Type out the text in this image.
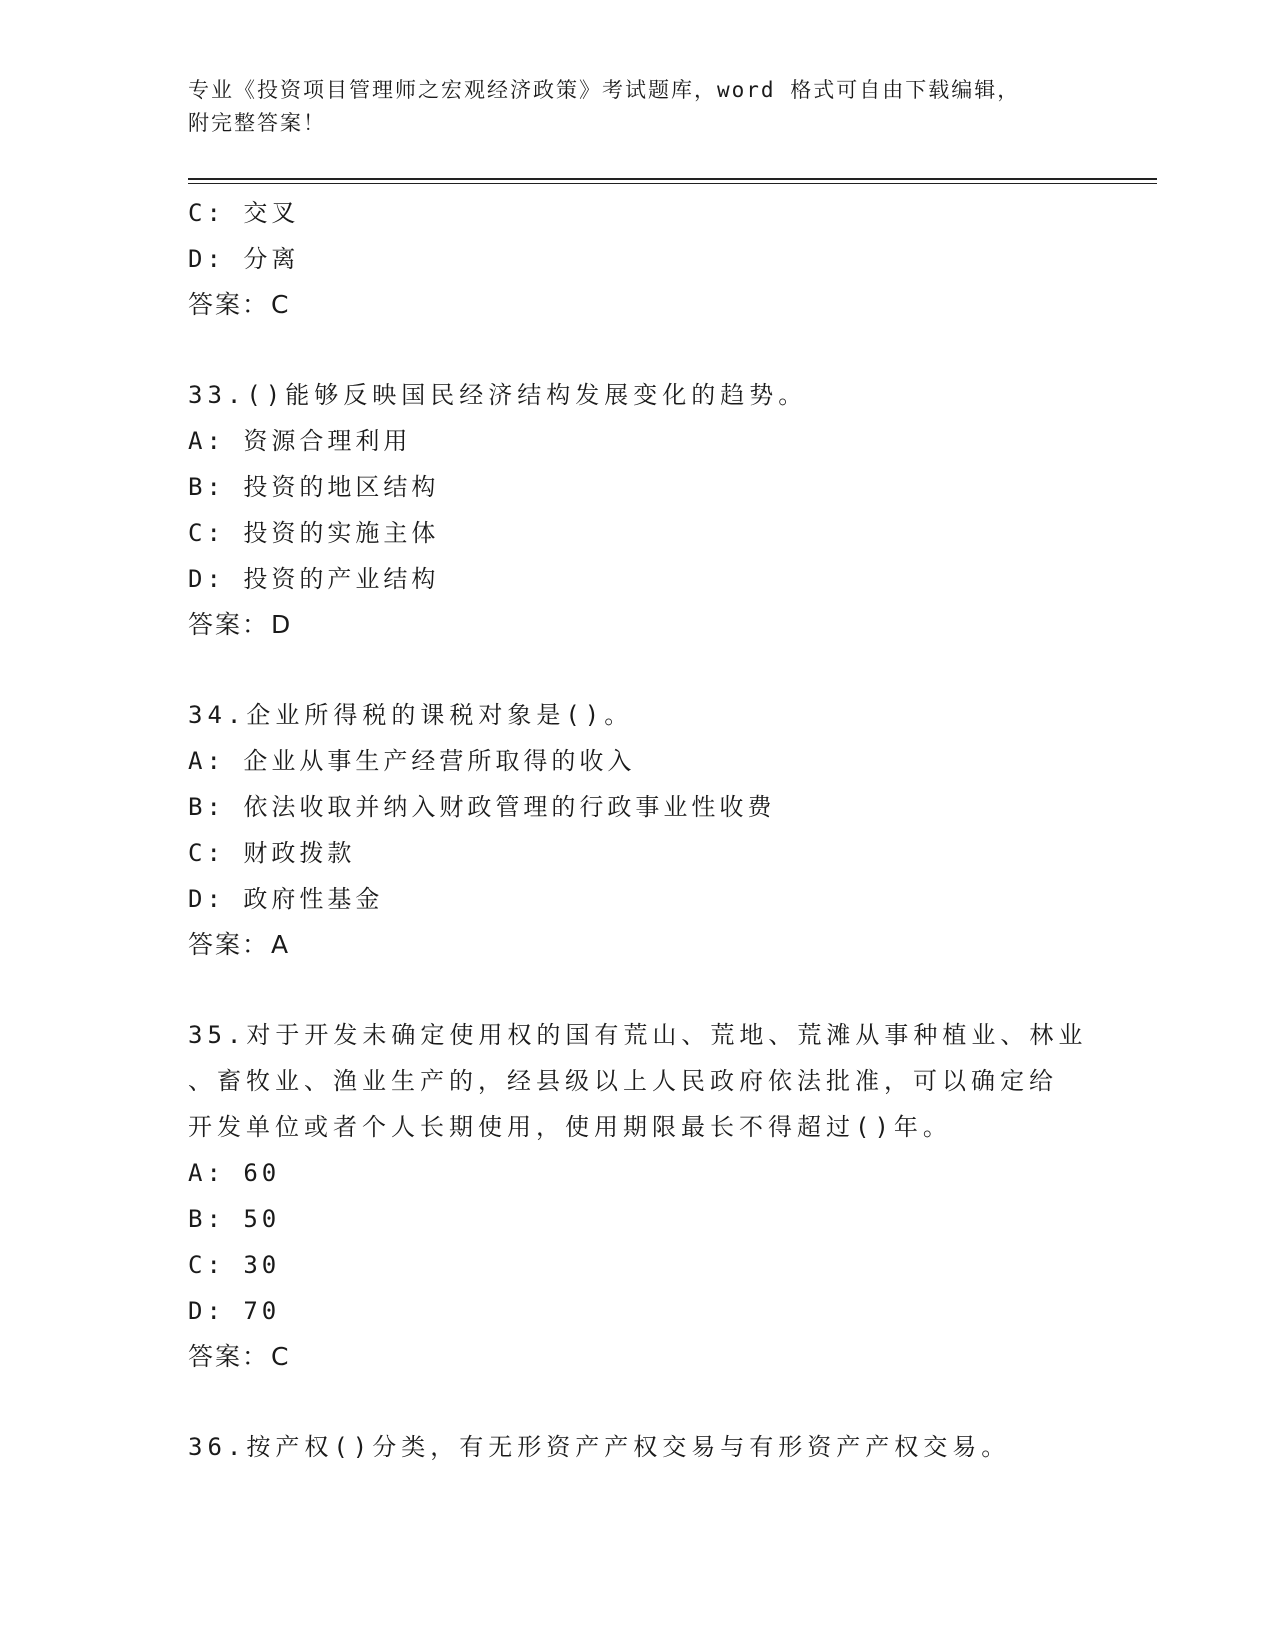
专业《投资项目管理师之宏观经济政策》考试题库，word 格式可自由下载编辑，
附完整答案！
C: 交叉
D: 分离
答案：C
33.()能够反映国民经济结构发展变化的趋势。
A: 资源合理利用
B: 投资的地区结构
C: 投资的实施主体
D: 投资的产业结构
答案：D
34.企业所得税的课税对象是()。
A: 企业从事生产经营所取得的收入
B: 依法收取并纳入财政管理的行政事业性收费
C: 财政拨款
D: 政府性基金
答案：A
35.对于开发未确定使用权的国有荒山、荒地、荒滩从事种植业、林业
、畜牧业、渔业生产的，经县级以上人民政府依法批准，可以确定给
开发单位或者个人长期使用，使用期限最长不得超过()年。
A: 60
B: 50
C: 30
D: 70
答案：C
36.按产权()分类，有无形资产产权交易与有形资产产权交易。
